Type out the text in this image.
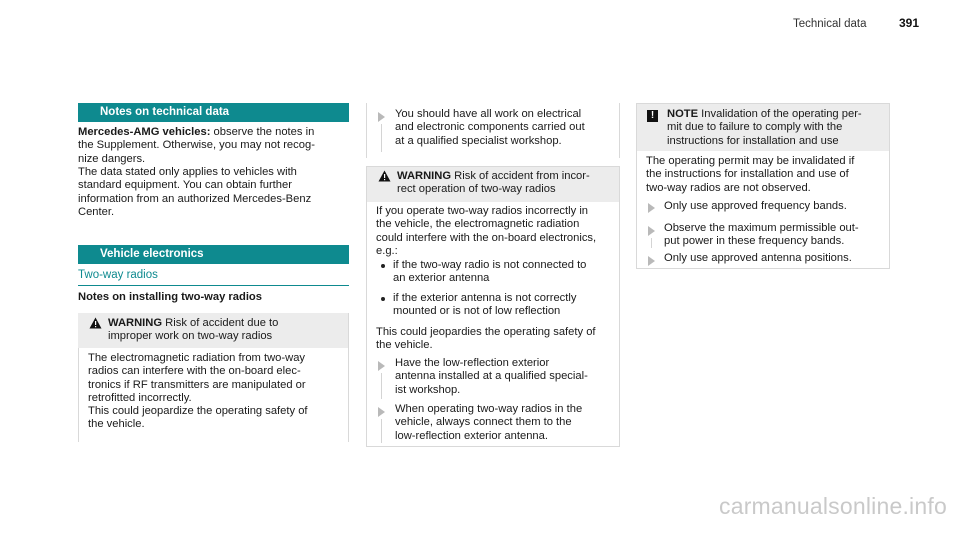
Technical data	391
Notes on technical data

Mercedes-AMG vehicles: observe the notes in

the Supplement. Otherwise, you may not recog-

nize dangers.

The data stated only applies to vehicles with

standard equipment. You can obtain further

information from an authorized Mercedes-Benz

Center.

Vehicle electronics
Two-way radios
Notes on installing two-way radios

WARNING Risk of accident due to

improper work on two-way radios

The electromagnetic radiation from two-way

radios can interfere with the on-board elec-

tronics if RF transmitters are manipulated or

retrofitted incorrectly.

This could jeopardize the operating safety of

the vehicle.

You should have all work on electrical

and electronic components carried out

at a qualified specialist workshop.

WARNING Risk of accident from incor-

rect operation of two-way radios

If you operate two-way radios incorrectly in

the vehicle, the electromagnetic radiation

could interfere with the on-board electronics,

e.g.:

if the two-way radio is not connected to

an exterior antenna

if the exterior antenna is not correctly

mounted or is not of low reflection

This could jeopardies the operating safety of

the vehicle.

Have the low-reflection exterior

antenna installed at a qualified special-

ist workshop.

When operating two-way radios in the

vehicle, always connect them to the

low-reflection exterior antenna.

!	NOTE Invalidation of the operating per-

mit due to failure to comply with the

instructions for installation and use

The operating permit may be invalidated if

the instructions for installation and use of

two-way radios are not observed.

Only use approved frequency bands.

Observe the maximum permissible out-

put power in these frequency bands.

Only use approved antenna positions.
carmanualsonline.info
